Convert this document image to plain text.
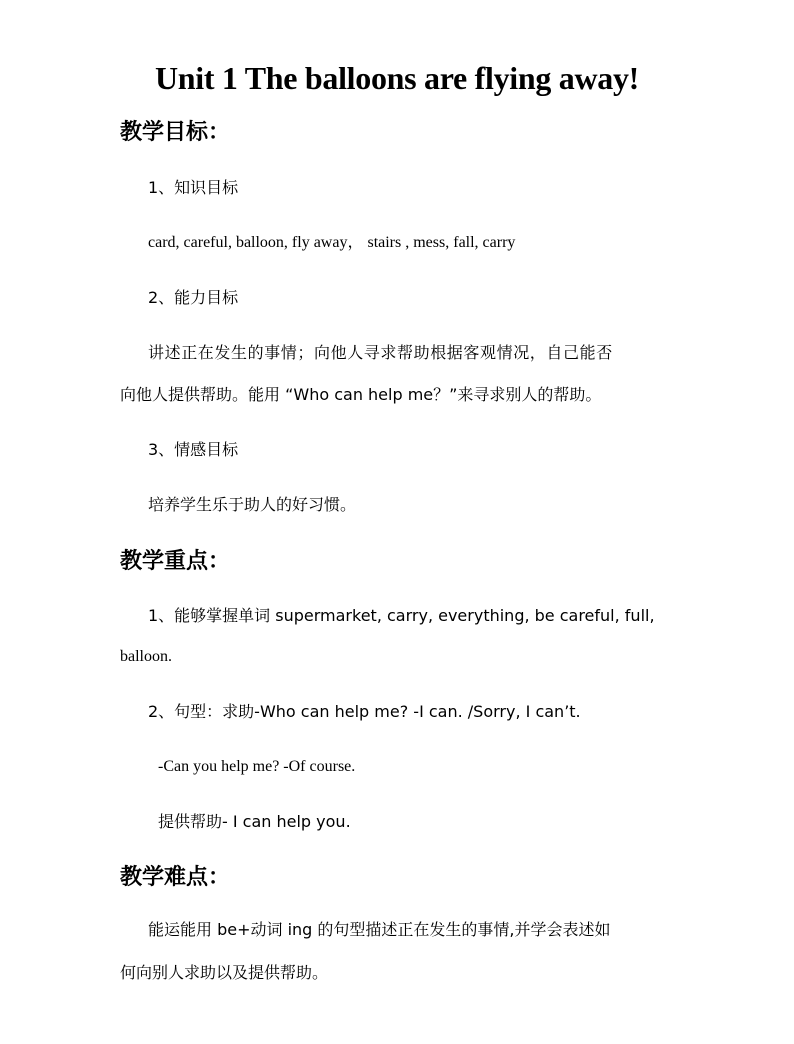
Unit 1 The balloons are flying away!
教学目标：
1、知识目标
card, careful, balloon, fly away， stairs , mess, fall, carry
2、能力目标
讲述正在发生的事情；向他人寻求帮助根据客观情况，自己能否
向他人提供帮助。能用 “Who can help me？”来寻求别人的帮助。
3、情感目标
培养学生乐于助人的好习惯。
教学重点：
1、能够掌握单词 supermarket, carry, everything, be careful, full,
balloon.
2、句型：求助-Who can help me? -I can. /Sorry, I can’t.
-Can you help me? -Of course.
提供帮助- I can help you.
教学难点：
能运能用 be+动词 ing 的句型描述正在发生的事情,并学会表述如
何向别人求助以及提供帮助。
